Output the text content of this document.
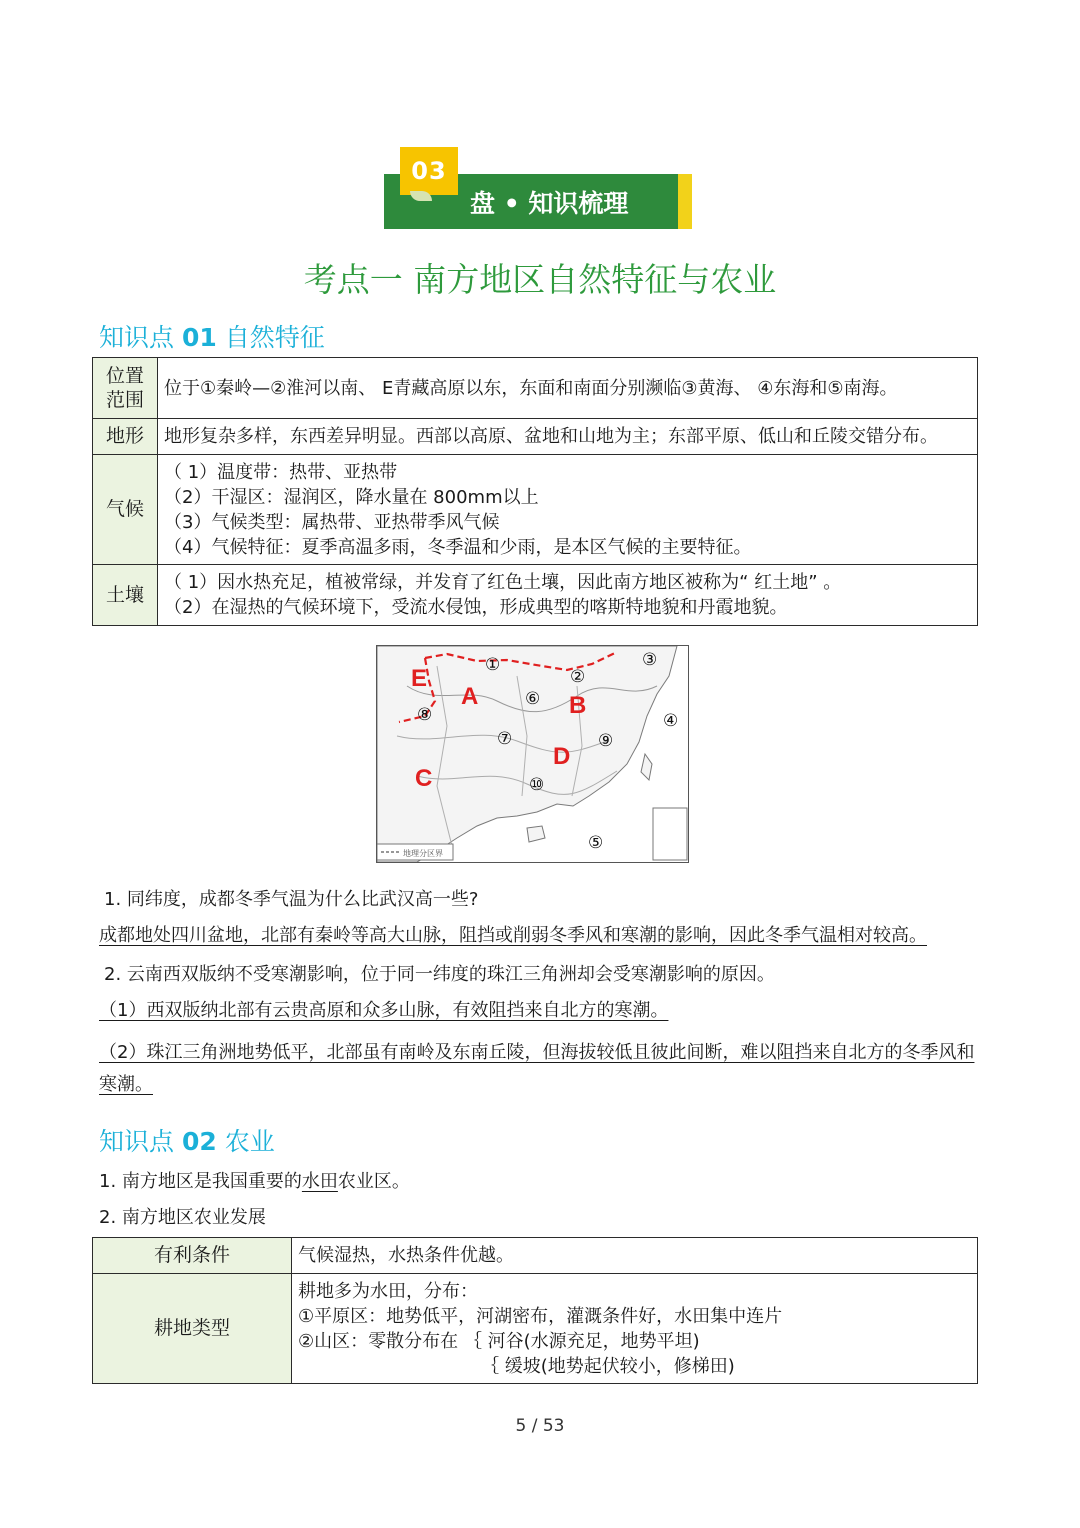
03
盘 • 知识梳理
考点一 南方地区自然特征与农业
知识点 01 自然特征
位置
范围	位于①秦岭—②淮河以南、 E青藏高原以东，东面和南面分别濒临③黄海、 ④东海和⑤南海。
地形	地形复杂多样，东西差异明显。西部以高原、盆地和山地为主；东部平原、低山和丘陵交错分布。
气候	（ 1）温度带：热带、亚热带
（2）干湿区：湿润区，降水量在 800mm以上
（3）气候类型：属热带、亚热带季风气候
（4）气候特征：夏季高温多雨，冬季温和少雨，是本区气候的主要特征。

土壤	（ 1）因水热充足，植被常绿，并发育了红色土壤，因此南方地区被称为“ 红土地” 。
（2）在湿热的气候环境下，受流水侵蚀，形成典型的喀斯特地貌和丹霞地貌。
地理分区界
E
A	B
C
D
①
②
③
④
⑤
⑥
⑦
⑧
⑨
⑩
1. 同纬度，成都冬季气温为什么比武汉高一些?
成都地处四川盆地，北部有秦岭等高大山脉，阻挡或削弱冬季风和寒潮的影响，因此冬季气温相对较高。
2. 云南西双版纳不受寒潮影响，位于同一纬度的珠江三角洲却会受寒潮影响的原因。
（1）西双版纳北部有云贵高原和众多山脉，有效阻挡来自北方的寒潮。
（2）珠江三角洲地势低平，北部虽有南岭及东南丘陵，但海拔较低且彼此间断，难以阻挡来自北方的冬季风和
寒潮。
知识点 02 农业
1. 南方地区是我国重要的水田农业区。
2. 南方地区农业发展
有利条件	气候湿热，水热条件优越。
耕地类型	耕地多为水田，分布：
①平原区：地势低平，河湖密布，灌溉条件好，水田集中连片
②山区：零散分布在 ｛ 河谷(水源充足，地势平坦)
｛ 缓坡(地势起伏较小，修梯田)
5 / 53
